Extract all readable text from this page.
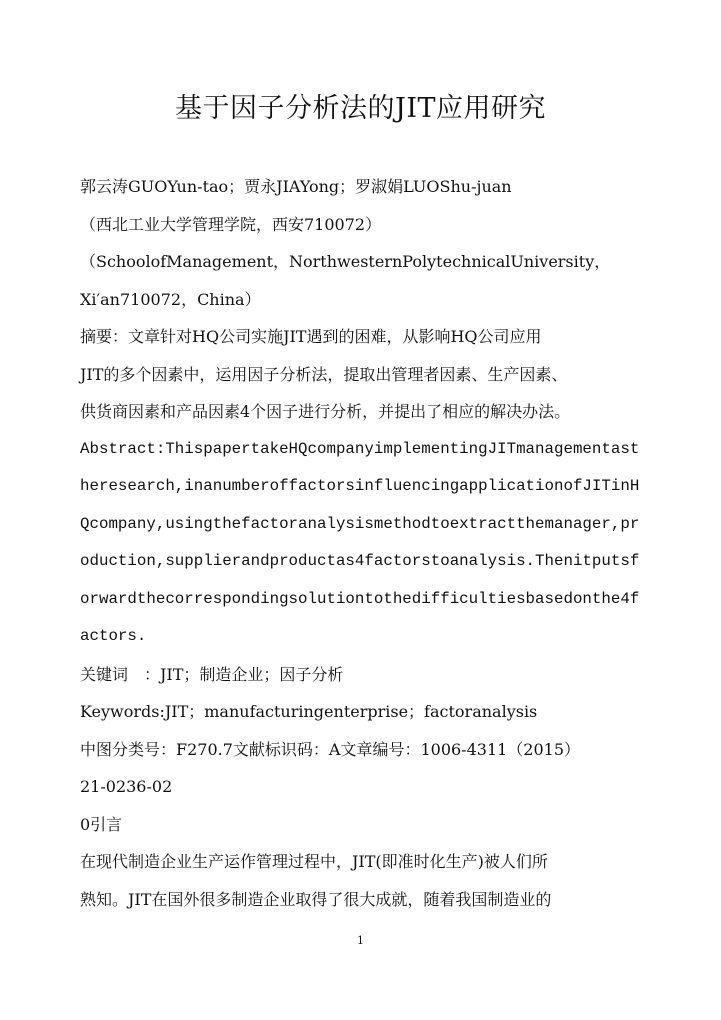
基于因子分析法的JIT应用研究
郭云涛GUOYun-tao；贾永JIAYong；罗淑娟LUOShu-juan
（西北工业大学管理学院，西安710072）
（SchoolofManagement，NorthwesternPolytechnicalUniversity，
Xi′an710072，China）
摘要：文章针对HQ公司实施JIT遇到的困难，从影响HQ公司应用
JIT的多个因素中，运用因子分析法，提取出管理者因素、生产因素、
供货商因素和产品因素4个因子进行分析，并提出了相应的解决办法。
Abstract:ThispapertakeHQcompanyimplementingJITmanagementast
heresearch,inanumberoffactorsinfluencingapplicationofJITinH
Qcompany,usingthefactoranalysismethodtoextractthemanager,pr
oduction,supplierandproductas4factorstoanalysis.Thenitputsf
orwardthecorrespondingsolutiontothedifficultiesbasedonthe4f
actors.
关键词　：JIT；制造企业；因子分析
Keywords:JIT；manufacturingenterprise；factoranalysis
中图分类号：F270.7文献标识码：A文章编号：1006-4311（2015）
21-0236-02
0引言
在现代制造企业生产运作管理过程中，JIT(即准时化生产)被人们所
熟知。JIT在国外很多制造企业取得了很大成就，随着我国制造业的
1
